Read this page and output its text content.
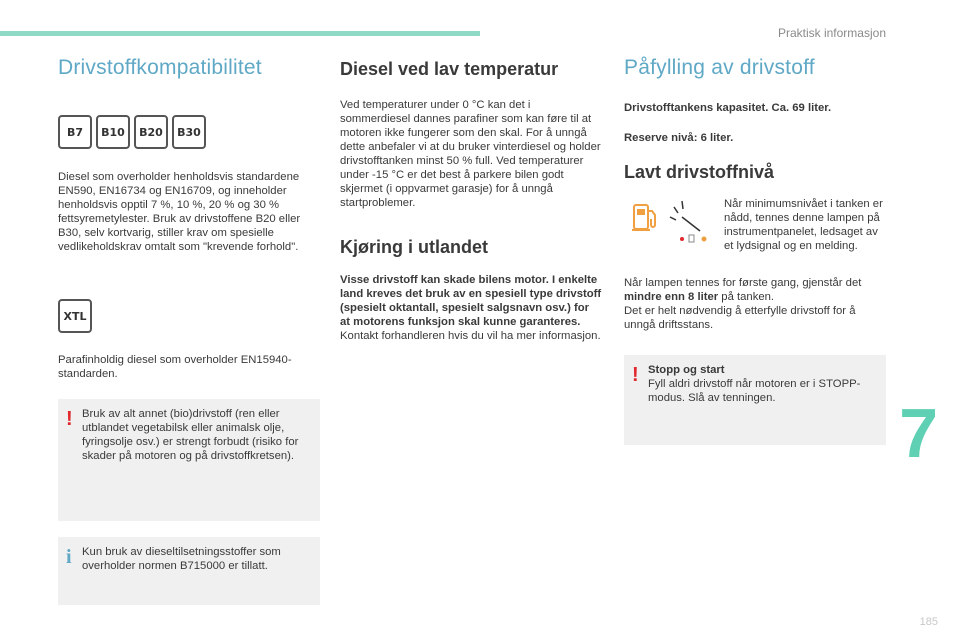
Praktisk informasjon
7
185
Drivstoffkompatibilitet
B7	B10	B20	B30

Diesel som overholder henholdsvis standardene EN590, EN16734 og EN16709, og inneholder henholdsvis opptil 7 %, 10 %, 20 % og 30 % fettsyremetylester. Bruk av drivstoffene B20 eller B30, selv kortvarig, stiller krav om spesielle vedlikeholdskrav omtalt som "krevende forhold".

XTL

Parafinholdig diesel som overholder EN15940-standarden.

! Bruk av alt annet (bio)drivstoff (ren eller utblandet vegetabilsk eller animalsk olje, fyringsolje osv.) er strengt forbudt (risiko for skader på motoren og på drivstoffkretsen).

i Kun bruk av dieseltilsetningsstoffer som overholder normen B715000 er tillatt.

Diesel ved lav temperatur

Ved temperaturer under 0 °C kan det i sommerdiesel dannes parafiner som kan føre til at motoren ikke fungerer som den skal. For å unngå dette anbefaler vi at du bruker vinterdiesel og holder drivstofftanken minst 50 % full. Ved temperaturer under -15 °C er det best å parkere bilen godt skjermet (i oppvarmet garasje) for å unngå startproblemer.

Kjøring i utlandet

Visse drivstoff kan skade bilens motor. I enkelte land kreves det bruk av en spesiell type drivstoff (spesielt oktantall, spesielt salgsnavn osv.) for at motorens funksjon skal kunne garanteres.

Kontakt forhandleren hvis du vil ha mer informasjon.

Påfylling av drivstoff

Drivstofftankens kapasitet. Ca. 69 liter.

Reserve nivå: 6 liter.

Lavt drivstoffnivå

Når minimumsnivået i tanken er nådd, tennes denne lampen på instrumentpanelet, ledsaget av et lydsignal og en melding.

Når lampen tennes for første gang, gjenstår det mindre enn 8 liter på tanken.

Det er helt nødvendig å etterfylle drivstoff for å unngå driftsstans.

! Stopp og start

Fyll aldri drivstoff når motoren er i STOPP-modus. Slå av tenningen.
